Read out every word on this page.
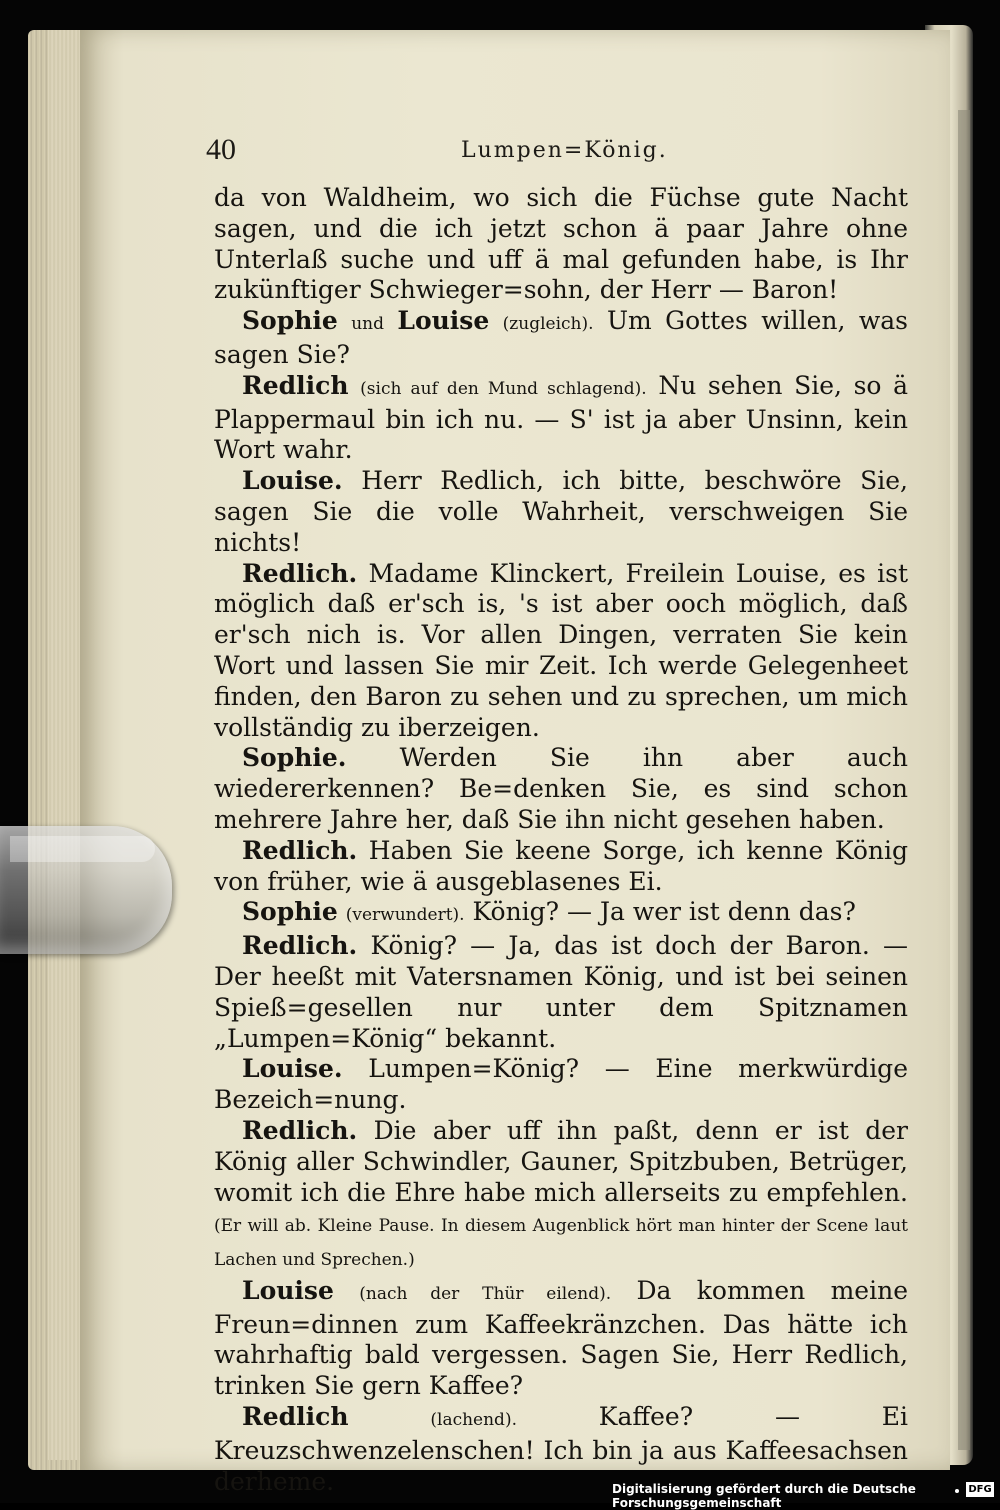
40	Lumpen=König.

da von Waldheim, wo sich die Füchse gute Nacht sagen, und die ich jetzt schon ä paar Jahre ohne Unterlaß suche und uff ä mal gefunden habe, is Ihr zukünftiger Schwieger=sohn, der Herr — Baron!

Sophie und Louise (zugleich). Um Gottes willen, was sagen Sie?

Redlich (sich auf den Mund schlagend). Nu sehen Sie, so ä Plappermaul bin ich nu. — S' ist ja aber Unsinn, kein Wort wahr.

Louise. Herr Redlich, ich bitte, beschwöre Sie, sagen Sie die volle Wahrheit, verschweigen Sie nichts!

Redlich. Madame Klinckert, Freilein Louise, es ist möglich daß er'sch is, 's ist aber ooch möglich, daß er'sch nich is. Vor allen Dingen, verraten Sie kein Wort und lassen Sie mir Zeit. Ich werde Gelegenheet finden, den Baron zu sehen und zu sprechen, um mich vollständig zu iberzeigen.

Sophie. Werden Sie ihn aber auch wiedererkennen? Be=denken Sie, es sind schon mehrere Jahre her, daß Sie ihn nicht gesehen haben.

Redlich. Haben Sie keene Sorge, ich kenne König von früher, wie ä ausgeblasenes Ei.

Sophie (verwundert). König? — Ja wer ist denn das?

Redlich. König? — Ja, das ist doch der Baron. — Der heeßt mit Vatersnamen König, und ist bei seinen Spieß=gesellen nur unter dem Spitznamen „Lumpen=König“ bekannt.

Louise. Lumpen=König? — Eine merkwürdige Bezeich=nung.

Redlich. Die aber uff ihn paßt, denn er ist der König aller Schwindler, Gauner, Spitzbuben, Betrüger, womit ich die Ehre habe mich allerseits zu empfehlen. (Er will ab. Kleine Pause. In diesem Augenblick hört man hinter der Scene laut Lachen und Sprechen.)

Louise (nach der Thür eilend). Da kommen meine Freun=dinnen zum Kaffeekränzchen. Das hätte ich wahrhaftig bald vergessen. Sagen Sie, Herr Redlich, trinken Sie gern Kaffee?

Redlich	(lachend).	Kaffee? — Ei Kreuzschwenzelenschen! Ich bin ja aus Kaffeesachsen derheme.	Digitalisierung gefördert durch die Deutsche Forschungsgemeinschaft
DFG
